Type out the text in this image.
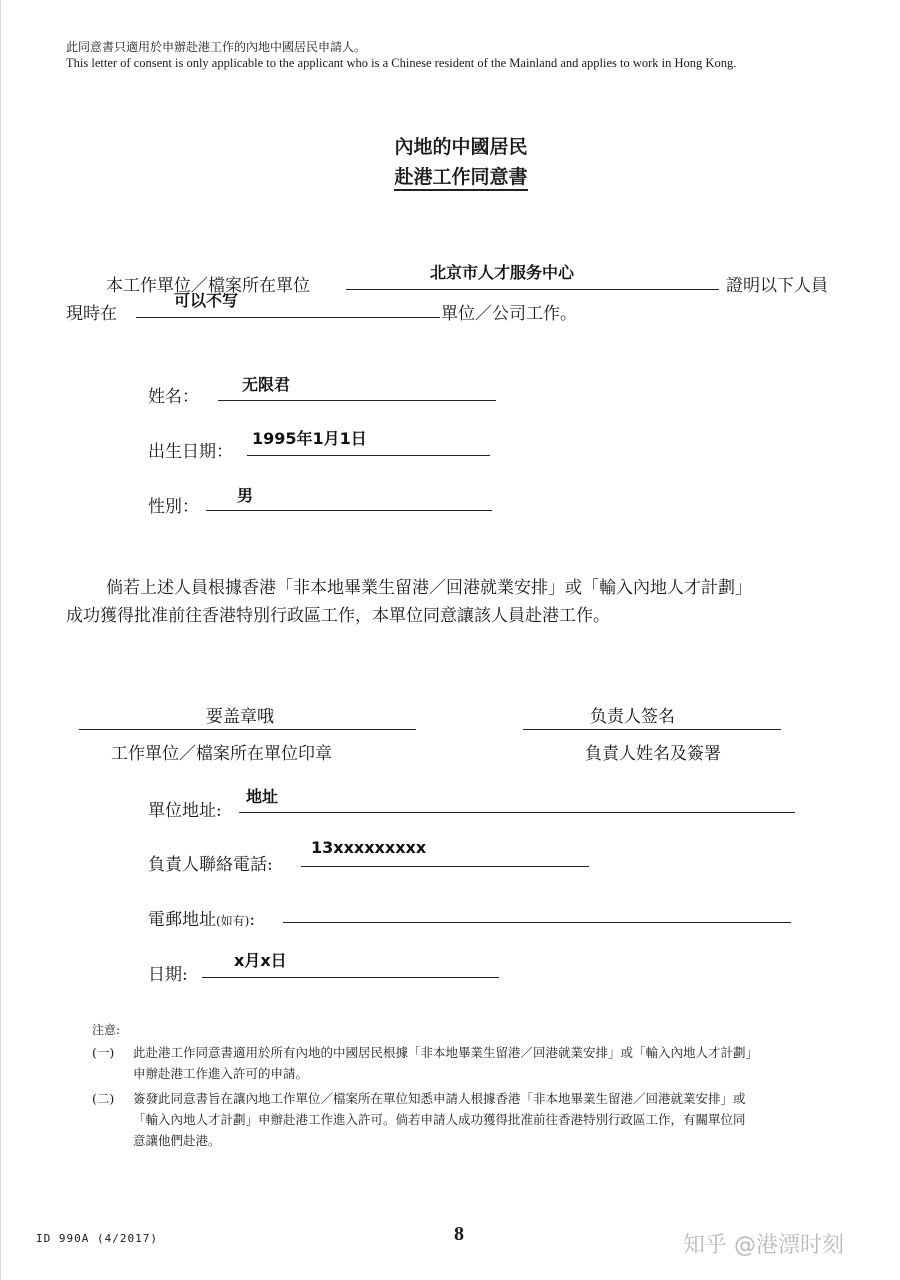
此同意書只適用於申辦赴港工作的內地中國居民申請人。
This letter of consent is only applicable to the applicant who is a Chinese resident of the Mainland and applies to work in Hong Kong.
內地的中國居民
赴港工作同意書
本工作單位／檔案所在單位
北京市人才服务中心
證明以下人員
現時在
可以不写
單位／公司工作。
姓名：
无限君
出生日期：
1995年1月1日
性別：
男
倘若上述人員根據香港「非本地畢業生留港／回港就業安排」或「輸入內地人才計劃」
成功獲得批准前往香港特別行政區工作，本單位同意讓該人員赴港工作。
要盖章哦
工作單位／檔案所在單位印章
负责人签名
負責人姓名及簽署
單位地址:
地址
負責人聯絡電話:
13xxxxxxxxx
電郵地址(如有):
日期:
x月x日
注意:
(一) 此赴港工作同意書適用於所有內地的中國居民根據「非本地畢業生留港／回港就業安排」或「輸入內地人才計劃」
申辦赴港工作進入許可的申請。
(二) 簽發此同意書旨在讓內地工作單位／檔案所在單位知悉申請人根據香港「非本地畢業生留港／回港就業安排」或
「輸入內地人才計劃」申辦赴港工作進入許可。倘若申請人成功獲得批准前往香港特別行政區工作，有關單位同
意讓他們赴港。
ID 990A (4/2017)	8	知乎 @港漂时刻
